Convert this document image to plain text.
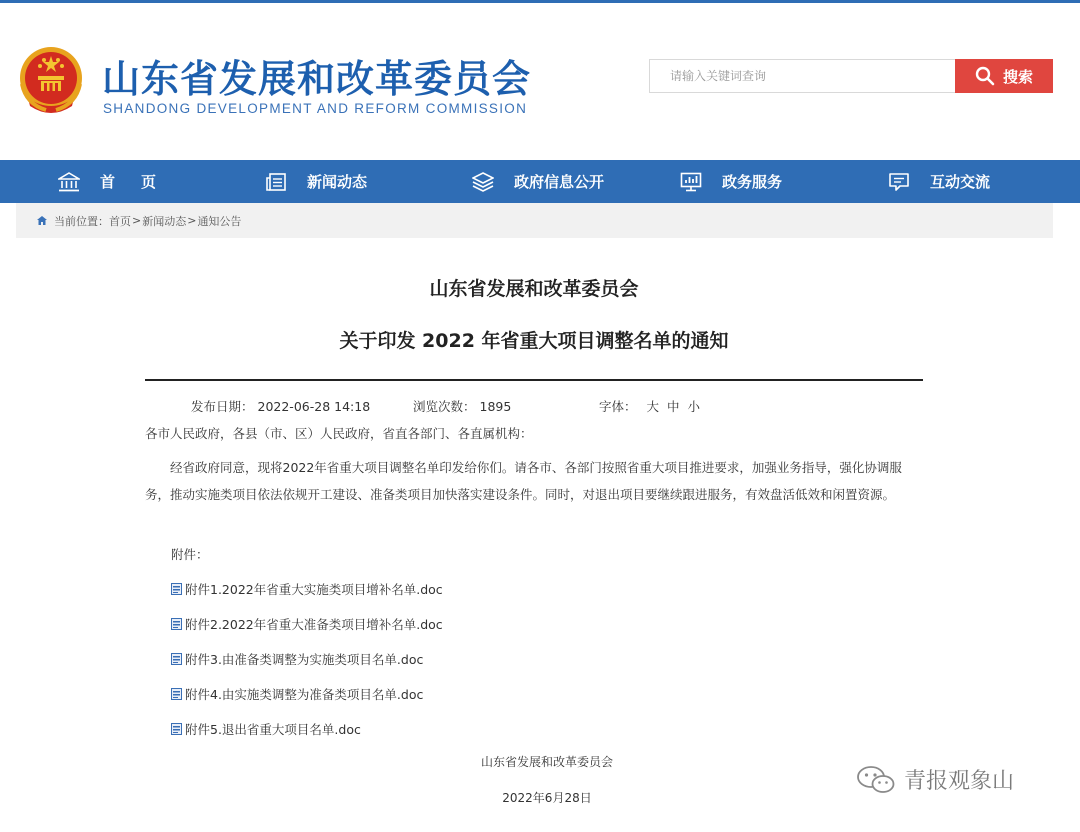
山东省发展和改革委员会
SHANDONG DEVELOPMENT AND REFORM COMMISSION
请输入关键词查询
搜索
首页	新闻动态	政府信息公开	政务服务	互动交流
当前位置： 首页 > 新闻动态 > 通知公告
山东省发展和改革委员会
关于印发 2022 年省重大项目调整名单的通知
发布日期： 2022-06-28 14:18	浏览次数： 1895	字体： 大 中 小
各市人民政府，各县（市、区）人民政府，省直各部门、各直属机构：
经省政府同意，现将2022年省重大项目调整名单印发给你们。请各市、各部门按照省重大项目推进要求，加强业务指导，强化协调服务，推动实施类项目依法依规开工建设、准备类项目加快落实建设条件。同时，对退出项目要继续跟进服务，有效盘活低效和闲置资源。
附件：
附件1.2022年省重大实施类项目增补名单.doc
附件2.2022年省重大准备类项目增补名单.doc
附件3.由准备类调整为实施类项目名单.doc
附件4.由实施类调整为准备类项目名单.doc
附件5.退出省重大项目名单.doc
山东省发展和改革委员会
2022年6月28日
青报观象山
